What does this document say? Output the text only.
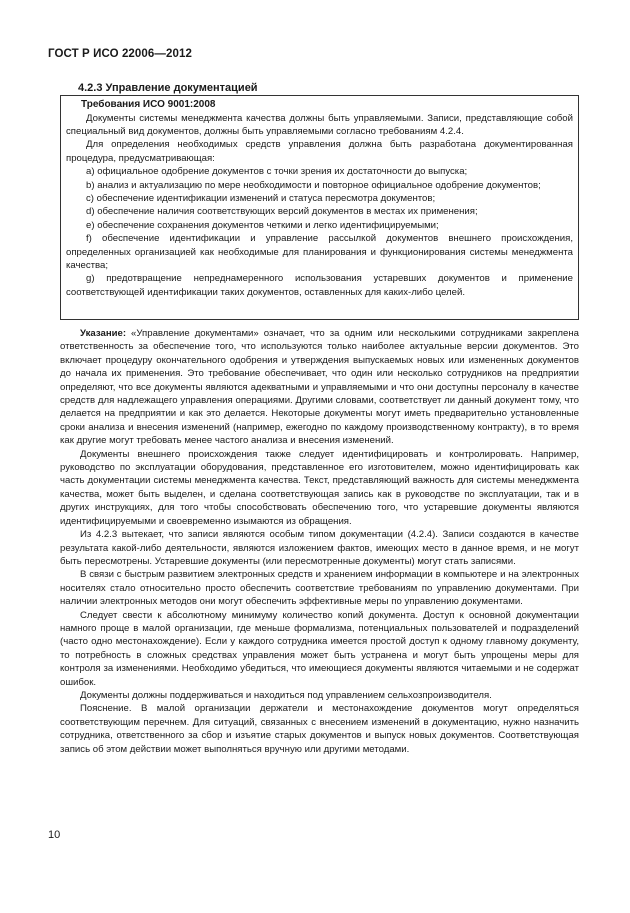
ГОСТ Р ИСО 22006—2012
4.2.3 Управление документацией

Требования ИСО 9001:2008

Документы системы менеджмента качества должны быть управляемыми. Записи, представляющие собой специальный вид документов, должны быть управляемыми согласно требованиям 4.2.4.

Для определения необходимых средств управления должна быть разработана документированная процедура, предусматривающая:

a) официальное одобрение документов с точки зрения их достаточности до выпуска;

b) анализ и актуализацию по мере необходимости и повторное официальное одобрение документов;

c) обеспечение идентификации изменений и статуса пересмотра документов;

d) обеспечение наличия соответствующих версий документов в местах их применения;

e) обеспечение сохранения документов четкими и легко идентифицируемыми;

f) обеспечение идентификации и управление рассылкой документов внешнего происхождения, определенных организацией как необходимые для планирования и функционирования системы менеджмента качества;

g) предотвращение непреднамеренного использования устаревших документов и применение соответствующей идентификации таких документов, оставленных для каких-либо целей.

Указание: «Управление документами» означает, что за одним или несколькими сотрудниками закреплена ответственность за обеспечение того, что используются только наиболее актуальные версии документов. Это включает процедуру окончательного одобрения и утверждения выпускаемых новых или измененных документов до начала их применения. Это требование обеспечивает, что один или несколько сотрудников на предприятии определяют, что все документы являются адекватными и управляемыми и что они доступны персоналу в качестве средств для надлежащего управления операциями. Другими словами, соответствует ли данный документ тому, что делается на предприятии и как это делается. Некоторые документы могут иметь предварительно установленные сроки анализа и внесения изменений (например, ежегодно по каждому производственному контракту), в то время как другие могут требовать менее частого анализа и внесения изменений.

Документы внешнего происхождения также следует идентифицировать и контролировать. Например, руководство по эксплуатации оборудования, представленное его изготовителем, можно идентифицировать как часть документации системы менеджмента качества. Текст, представляющий важность для системы менеджмента качества, может быть выделен, и сделана соответствующая запись как в руководстве по эксплуатации, так и в других инструкциях, для того чтобы способствовать обеспечению того, что устаревшие документы являются идентифицируемыми и своевременно изымаются из обращения.

Из 4.2.3 вытекает, что записи являются особым типом документации (4.2.4). Записи создаются в качестве результата какой-либо деятельности, являются изложением фактов, имеющих место в данное время, и не могут быть пересмотрены. Устаревшие документы (или пересмотренные документы) могут стать записями.

В связи с быстрым развитием электронных средств и хранением информации в компьютере и на электронных носителях стало относительно просто обеспечить соответствие требованиям по управлению документами. При наличии электронных методов они могут обеспечить эффективные меры по управлению документами.

Следует свести к абсолютному минимуму количество копий документа. Доступ к основной документации намного проще в малой организации, где меньше формализма, потенциальных пользователей и подразделений (часто одно местонахождение). Если у каждого сотрудника имеется простой доступ к одному главному документу, то потребность в сложных средствах управления может быть устранена и могут быть упрощены меры для контроля за изменениями. Необходимо убедиться, что имеющиеся документы являются читаемыми и не содержат ошибок.

Документы должны поддерживаться и находиться под управлением сельхозпроизводителя.

Пояснение. В малой организации держатели и местонахождение документов могут определяться соответствующим перечнем. Для ситуаций, связанных с внесением изменений в документацию, нужно назначить сотрудника, ответственного за сбор и изъятие старых документов и выпуск новых документов. Соответствующая запись об этом действии может выполняться вручную или другими методами.

10
